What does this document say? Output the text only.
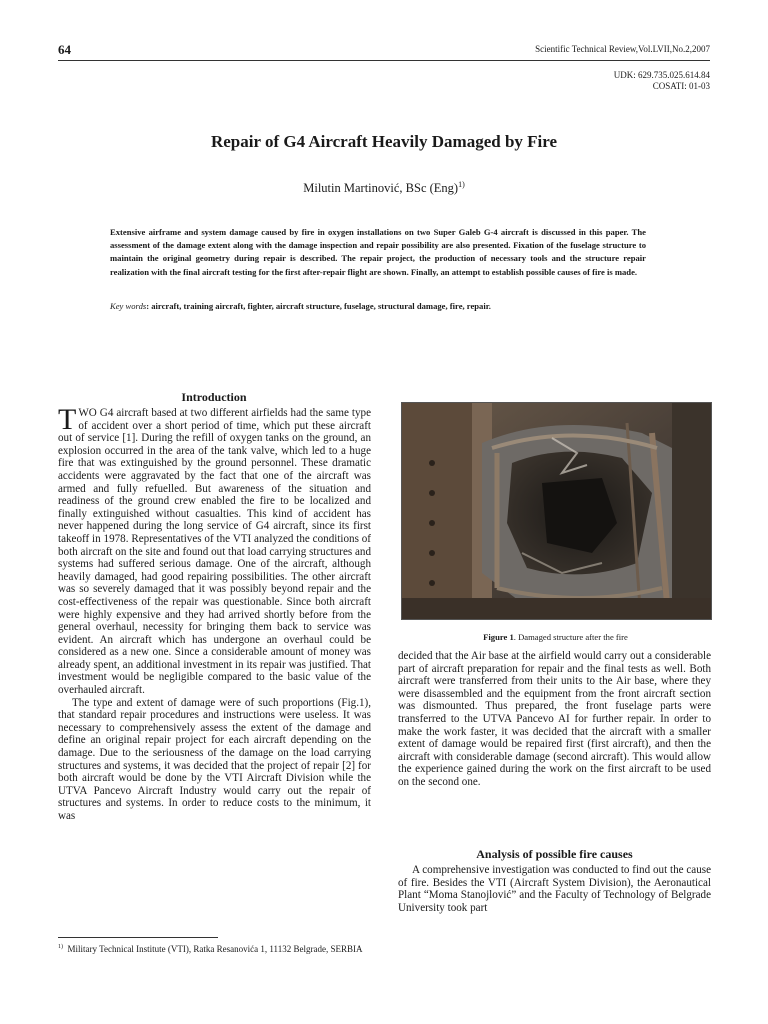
64	Scientific Technical Review,Vol.LVII,No.2,2007
UDK: 629.735.025.614.84
COSATI: 01-03
Repair of G4 Aircraft Heavily Damaged by Fire
Milutin Martinović, BSc (Eng)$^{1)}$

Extensive airframe and system damage caused by fire in oxygen installations on two Super Galeb G-4 aircraft is discussed in this paper. The assessment of the damage extent along with the damage inspection and repair possibility are also presented. Fixation of the fuselage structure to maintain the original geometry during repair is described. The repair project, the production of necessary tools and the structure repair realization with the final aircraft testing for the first after-repair flight are shown. Finally, an attempt to establish possible causes of fire is made.

Key words: aircraft, training aircraft, fighter, aircraft structure, fuselage, structural damage, fire, repair.
Introduction

TWO G4 aircraft based at two different airfields had the same type of accident over a short period of time, which put these aircraft out of service [1]. During the refill of oxygen tanks on the ground, an explosion occurred in the area of the tank valve, which led to a huge fire that was extinguished by the ground personnel. These dramatic accidents were aggravated by the fact that one of the aircraft was armed and fully refuelled. But awareness of the situation and readiness of the ground crew enabled the fire to be localized and finally extinguished without casualties. This kind of accident has never happened during the long service of G4 aircraft, since its first takeoff in 1978. Representatives of the VTI analyzed the conditions of both aircraft on the site and found out that load carrying structures and systems had suffered serious damage. One of the aircraft, although heavily damaged, had good repairing possibilities. The other aircraft was so severely damaged that it was possibly beyond repair and the cost-effectiveness of the repair was questionable. Since both aircraft were highly expensive and they had arrived shortly before from the general overhaul, necessity for bringing them back to service was evident. An aircraft which has undergone an overhaul could be considered as a new one. Since a considerable amount of money was already spent, an additional investment in its repair was justified. That investment would be negligible compared to the basic value of the overhauled aircraft.

The type and extent of damage were of such proportions (Fig.1), that standard repair procedures and instructions were useless. It was necessary to comprehensively assess the extent of the damage and define an original repair project for each aircraft depending on the damage. Due to the seriousness of the damage on the load carrying structures and systems, it was decided that the project of repair [2] for both aircraft would be done by the VTI Aircraft Division while the UTVA Pancevo Aircraft Industry would carry out the repair of structures and systems. In order to reduce costs to the minimum, it was

Figure 1. Damaged structure after the fire

decided that the Air base at the airfield would carry out a considerable part of aircraft preparation for repair and the final tests as well. Both aircraft were transferred from their units to the Air base, where they were disassembled and the equipment from the front aircraft section was dismounted. Thus prepared, the front fuselage parts were transferred to the UTVA Pancevo AI for further repair. In order to make the work faster, it was decided that the aircraft with a smaller extent of damage would be repaired first (first aircraft), and then the aircraft with considerable damage (second aircraft). This would allow the experience gained during the work on the first aircraft to be used on the second one.

Analysis of possible fire causes

A comprehensive investigation was conducted to find out the cause of fire. Besides the VTI (Aircraft System Division), the Aeronautical Plant “Moma Stanojlović” and the Faculty of Technology of Belgrade University took part

$^{1)}$ Military Technical Institute (VTI), Ratka Resanovića 1, 11132 Belgrade, SERBIA
